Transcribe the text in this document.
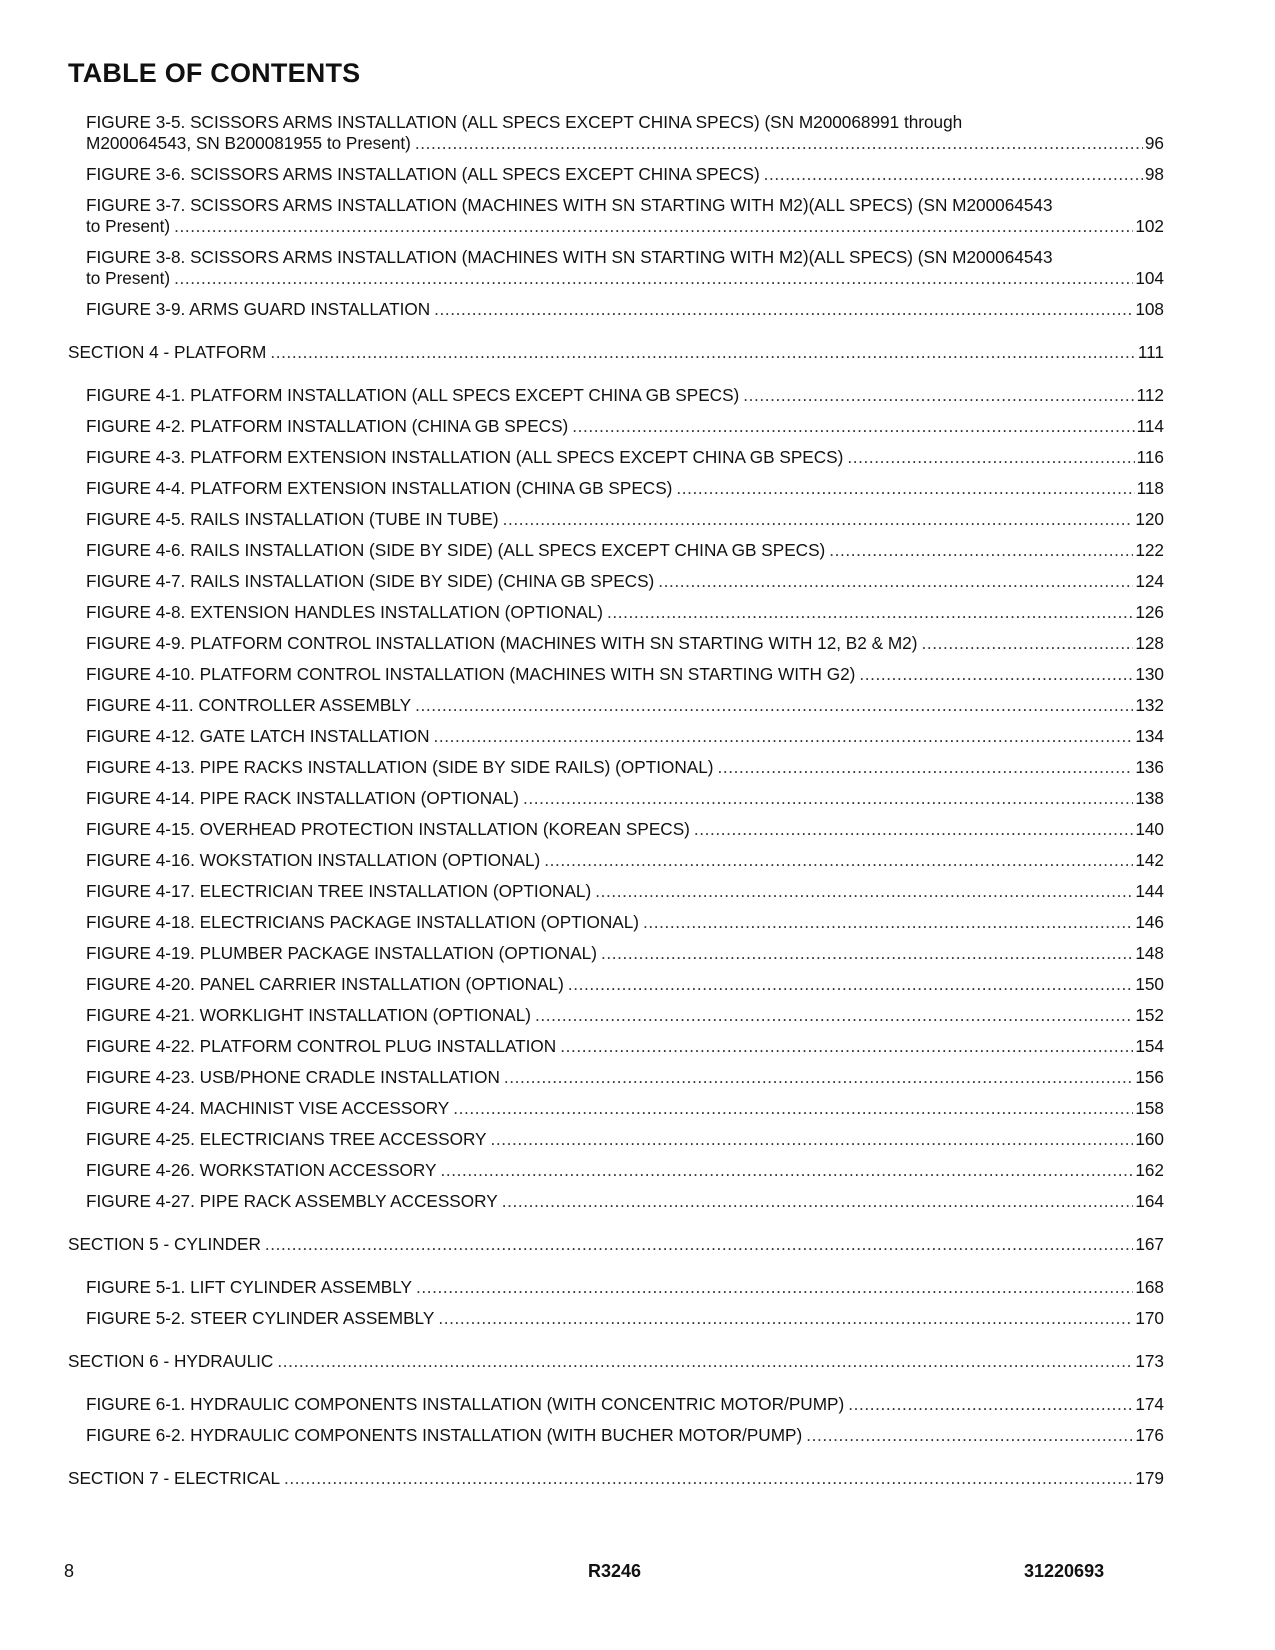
TABLE OF CONTENTS
FIGURE 3-5. SCISSORS ARMS INSTALLATION (ALL SPECS EXCEPT CHINA SPECS) (SN M200068991 through
M200064543, SN B200081955 to Present) .....	96
FIGURE 3-6. SCISSORS ARMS INSTALLATION (ALL SPECS EXCEPT CHINA SPECS) .....	98
FIGURE 3-7. SCISSORS ARMS INSTALLATION (MACHINES WITH SN STARTING WITH M2)(ALL SPECS) (SN M200064543
to Present) .....	102
FIGURE 3-8. SCISSORS ARMS INSTALLATION (MACHINES WITH SN STARTING WITH M2)(ALL SPECS) (SN M200064543
to Present) .....	104
FIGURE 3-9. ARMS GUARD INSTALLATION .....	108
SECTION 4 - PLATFORM .....	111
FIGURE 4-1. PLATFORM INSTALLATION (ALL SPECS EXCEPT CHINA GB SPECS) .....	112
FIGURE 4-2. PLATFORM INSTALLATION (CHINA GB SPECS) .....	114
FIGURE 4-3. PLATFORM EXTENSION INSTALLATION (ALL SPECS EXCEPT CHINA GB SPECS) .....	116
FIGURE 4-4. PLATFORM EXTENSION INSTALLATION (CHINA GB SPECS) .....	118
FIGURE 4-5. RAILS INSTALLATION (TUBE IN TUBE) .....	120
FIGURE 4-6. RAILS INSTALLATION (SIDE BY SIDE) (ALL SPECS EXCEPT CHINA GB SPECS) .....	122
FIGURE 4-7. RAILS INSTALLATION (SIDE BY SIDE) (CHINA GB SPECS) .....	124
FIGURE 4-8. EXTENSION HANDLES INSTALLATION (OPTIONAL) .....	126
FIGURE 4-9. PLATFORM CONTROL INSTALLATION (MACHINES WITH SN STARTING WITH 12, B2 & M2) .....	128
FIGURE 4-10. PLATFORM CONTROL INSTALLATION (MACHINES WITH SN STARTING WITH G2) .....	130
FIGURE 4-11. CONTROLLER ASSEMBLY .....	132
FIGURE 4-12. GATE LATCH INSTALLATION .....	134
FIGURE 4-13. PIPE RACKS INSTALLATION (SIDE BY SIDE RAILS) (OPTIONAL) .....	136
FIGURE 4-14. PIPE RACK INSTALLATION (OPTIONAL) .....	138
FIGURE 4-15. OVERHEAD PROTECTION INSTALLATION (KOREAN SPECS) .....	140
FIGURE 4-16. WOKSTATION INSTALLATION (OPTIONAL) .....	142
FIGURE 4-17. ELECTRICIAN TREE INSTALLATION (OPTIONAL) .....	144
FIGURE 4-18. ELECTRICIANS PACKAGE INSTALLATION (OPTIONAL) .....	146
FIGURE 4-19. PLUMBER PACKAGE INSTALLATION (OPTIONAL) .....	148
FIGURE 4-20. PANEL CARRIER INSTALLATION (OPTIONAL) .....	150
FIGURE 4-21. WORKLIGHT INSTALLATION (OPTIONAL) .....	152
FIGURE 4-22. PLATFORM CONTROL PLUG INSTALLATION .....	154
FIGURE 4-23. USB/PHONE CRADLE INSTALLATION .....	156
FIGURE 4-24. MACHINIST VISE ACCESSORY .....	158
FIGURE 4-25. ELECTRICIANS TREE ACCESSORY .....	160
FIGURE 4-26. WORKSTATION ACCESSORY .....	162
FIGURE 4-27. PIPE RACK ASSEMBLY ACCESSORY .....	164
SECTION 5 - CYLINDER .....	167
FIGURE 5-1. LIFT CYLINDER ASSEMBLY .....	168
FIGURE 5-2. STEER CYLINDER ASSEMBLY .....	170
SECTION 6 - HYDRAULIC .....	173
FIGURE 6-1. HYDRAULIC COMPONENTS INSTALLATION (WITH CONCENTRIC MOTOR/PUMP) .....	174
FIGURE 6-2. HYDRAULIC COMPONENTS INSTALLATION (WITH BUCHER MOTOR/PUMP) .....	176
SECTION 7 - ELECTRICAL .....	179
8	R3246	31220693
